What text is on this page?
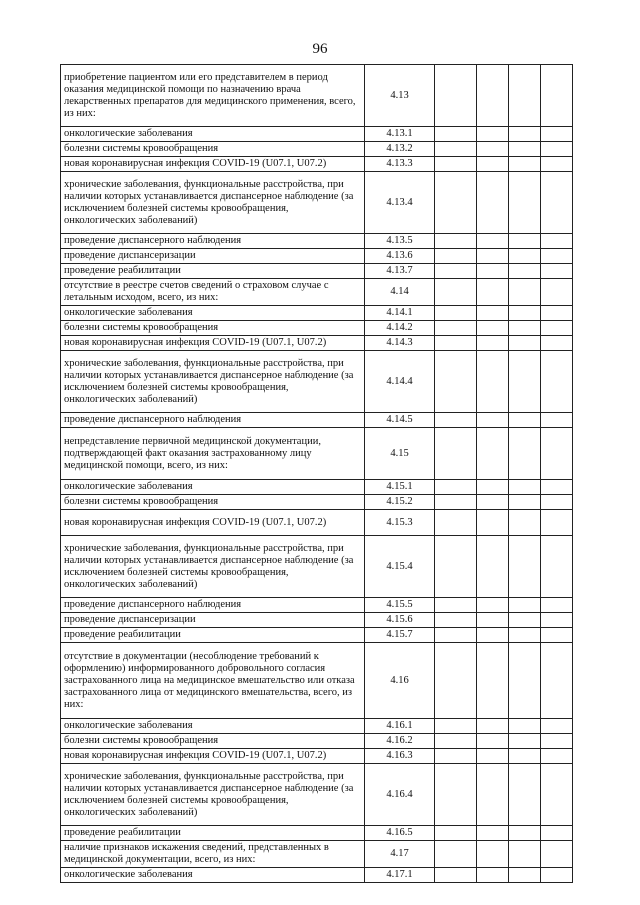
96
приобретение пациентом или его представителем в период оказания медицинской помощи по назначению врача лекарственных препаратов для медицинского применения, всего, из них:	4.13				
онкологические заболевания	4.13.1				
болезни системы кровообращения	4.13.2				
новая коронавирусная инфекция COVID-19 (U07.1, U07.2)	4.13.3				
хронические заболевания, функциональные расстройства, при наличии которых устанавливается диспансерное наблюдение (за исключением болезней системы кровообращения, онкологических заболеваний)	4.13.4				
проведение диспансерного наблюдения	4.13.5				
проведение диспансеризации	4.13.6				
проведение реабилитации	4.13.7				
отсутствие в реестре счетов сведений о страховом случае с летальным исходом, всего, из них:	4.14				
онкологические заболевания	4.14.1				
болезни системы кровообращения	4.14.2				
новая коронавирусная инфекция COVID-19 (U07.1, U07.2)	4.14.3				
хронические заболевания, функциональные расстройства, при наличии которых устанавливается диспансерное наблюдение (за исключением болезней системы кровообращения, онкологических заболеваний)	4.14.4				
проведение диспансерного наблюдения	4.14.5				
непредставление первичной медицинской документации, подтверждающей факт оказания застрахованному лицу медицинской помощи, всего, из них:	4.15				
онкологические заболевания	4.15.1				
болезни системы кровообращения	4.15.2				
новая коронавирусная инфекция COVID-19 (U07.1, U07.2)	4.15.3				
хронические заболевания, функциональные расстройства, при наличии которых устанавливается диспансерное наблюдение (за исключением болезней системы кровообращения, онкологических заболеваний)	4.15.4				
проведение диспансерного наблюдения	4.15.5				
проведение диспансеризации	4.15.6				
проведение реабилитации	4.15.7				
отсутствие в документации (несоблюдение требований к оформлению) информированного добровольного согласия застрахованного лица на медицинское вмешательство или отказа застрахованного лица от медицинского вмешательства, всего, из них:	4.16				
онкологические заболевания	4.16.1				
болезни системы кровообращения	4.16.2				
новая коронавирусная инфекция COVID-19 (U07.1, U07.2)	4.16.3				
хронические заболевания, функциональные расстройства, при наличии которых устанавливается диспансерное наблюдение (за исключением болезней системы кровообращения, онкологических заболеваний)	4.16.4				
проведение реабилитации	4.16.5				
наличие признаков искажения сведений, представленных в медицинской документации, всего, из них:	4.17				
онкологические заболевания	4.17.1				
